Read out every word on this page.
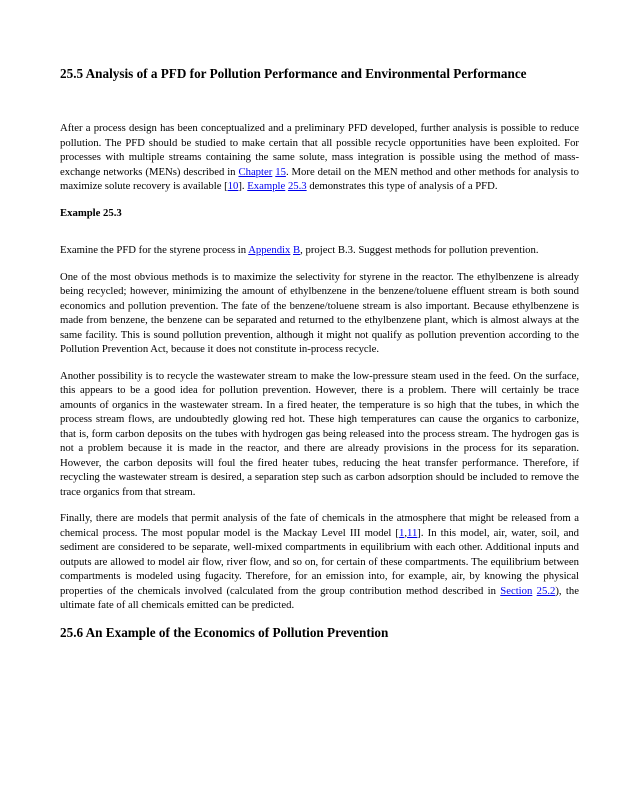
25.5 Analysis of a PFD for Pollution Performance and Environmental Performance

After a process design has been conceptualized and a preliminary PFD developed, further analysis is possible to reduce pollution. The PFD should be studied to make certain that all possible recycle opportunities have been exploited. For processes with multiple streams containing the same solute, mass integration is possible using the method of mass-exchange networks (MENs) described in Chapter 15. More detail on the MEN method and other methods for analysis to maximize solute recovery is available [10]. Example 25.3 demonstrates this type of analysis of a PFD.

Example 25.3

Examine the PFD for the styrene process in Appendix B, project B.3. Suggest methods for pollution prevention.

One of the most obvious methods is to maximize the selectivity for styrene in the reactor. The ethylbenzene is already being recycled; however, minimizing the amount of ethylbenzene in the benzene/toluene effluent stream is both sound economics and pollution prevention. The fate of the benzene/toluene stream is also important. Because ethylbenzene is made from benzene, the benzene can be separated and returned to the ethylbenzene plant, which is almost always at the same facility. This is sound pollution prevention, although it might not qualify as pollution prevention according to the Pollution Prevention Act, because it does not constitute in-process recycle.

Another possibility is to recycle the wastewater stream to make the low-pressure steam used in the feed. On the surface, this appears to be a good idea for pollution prevention. However, there is a problem. There will certainly be trace amounts of organics in the wastewater stream. In a fired heater, the temperature is so high that the tubes, in which the process stream flows, are undoubtedly glowing red hot. These high temperatures can cause the organics to carbonize, that is, form carbon deposits on the tubes with hydrogen gas being released into the process stream. The hydrogen gas is not a problem because it is made in the reactor, and there are already provisions in the process for its separation. However, the carbon deposits will foul the fired heater tubes, reducing the heat transfer performance. Therefore, if recycling the wastewater stream is desired, a separation step such as carbon adsorption should be included to remove the trace organics from that stream.

Finally, there are models that permit analysis of the fate of chemicals in the atmosphere that might be released from a chemical process. The most popular model is the Mackay Level III model [1,11]. In this model, air, water, soil, and sediment are considered to be separate, well-mixed compartments in equilibrium with each other. Additional inputs and outputs are allowed to model air flow, river flow, and so on, for certain of these compartments. The equilibrium between compartments is modeled using fugacity. Therefore, for an emission into, for example, air, by knowing the physical properties of the chemicals involved (calculated from the group contribution method described in Section 25.2), the ultimate fate of all chemicals emitted can be predicted.

25.6 An Example of the Economics of Pollution Prevention
